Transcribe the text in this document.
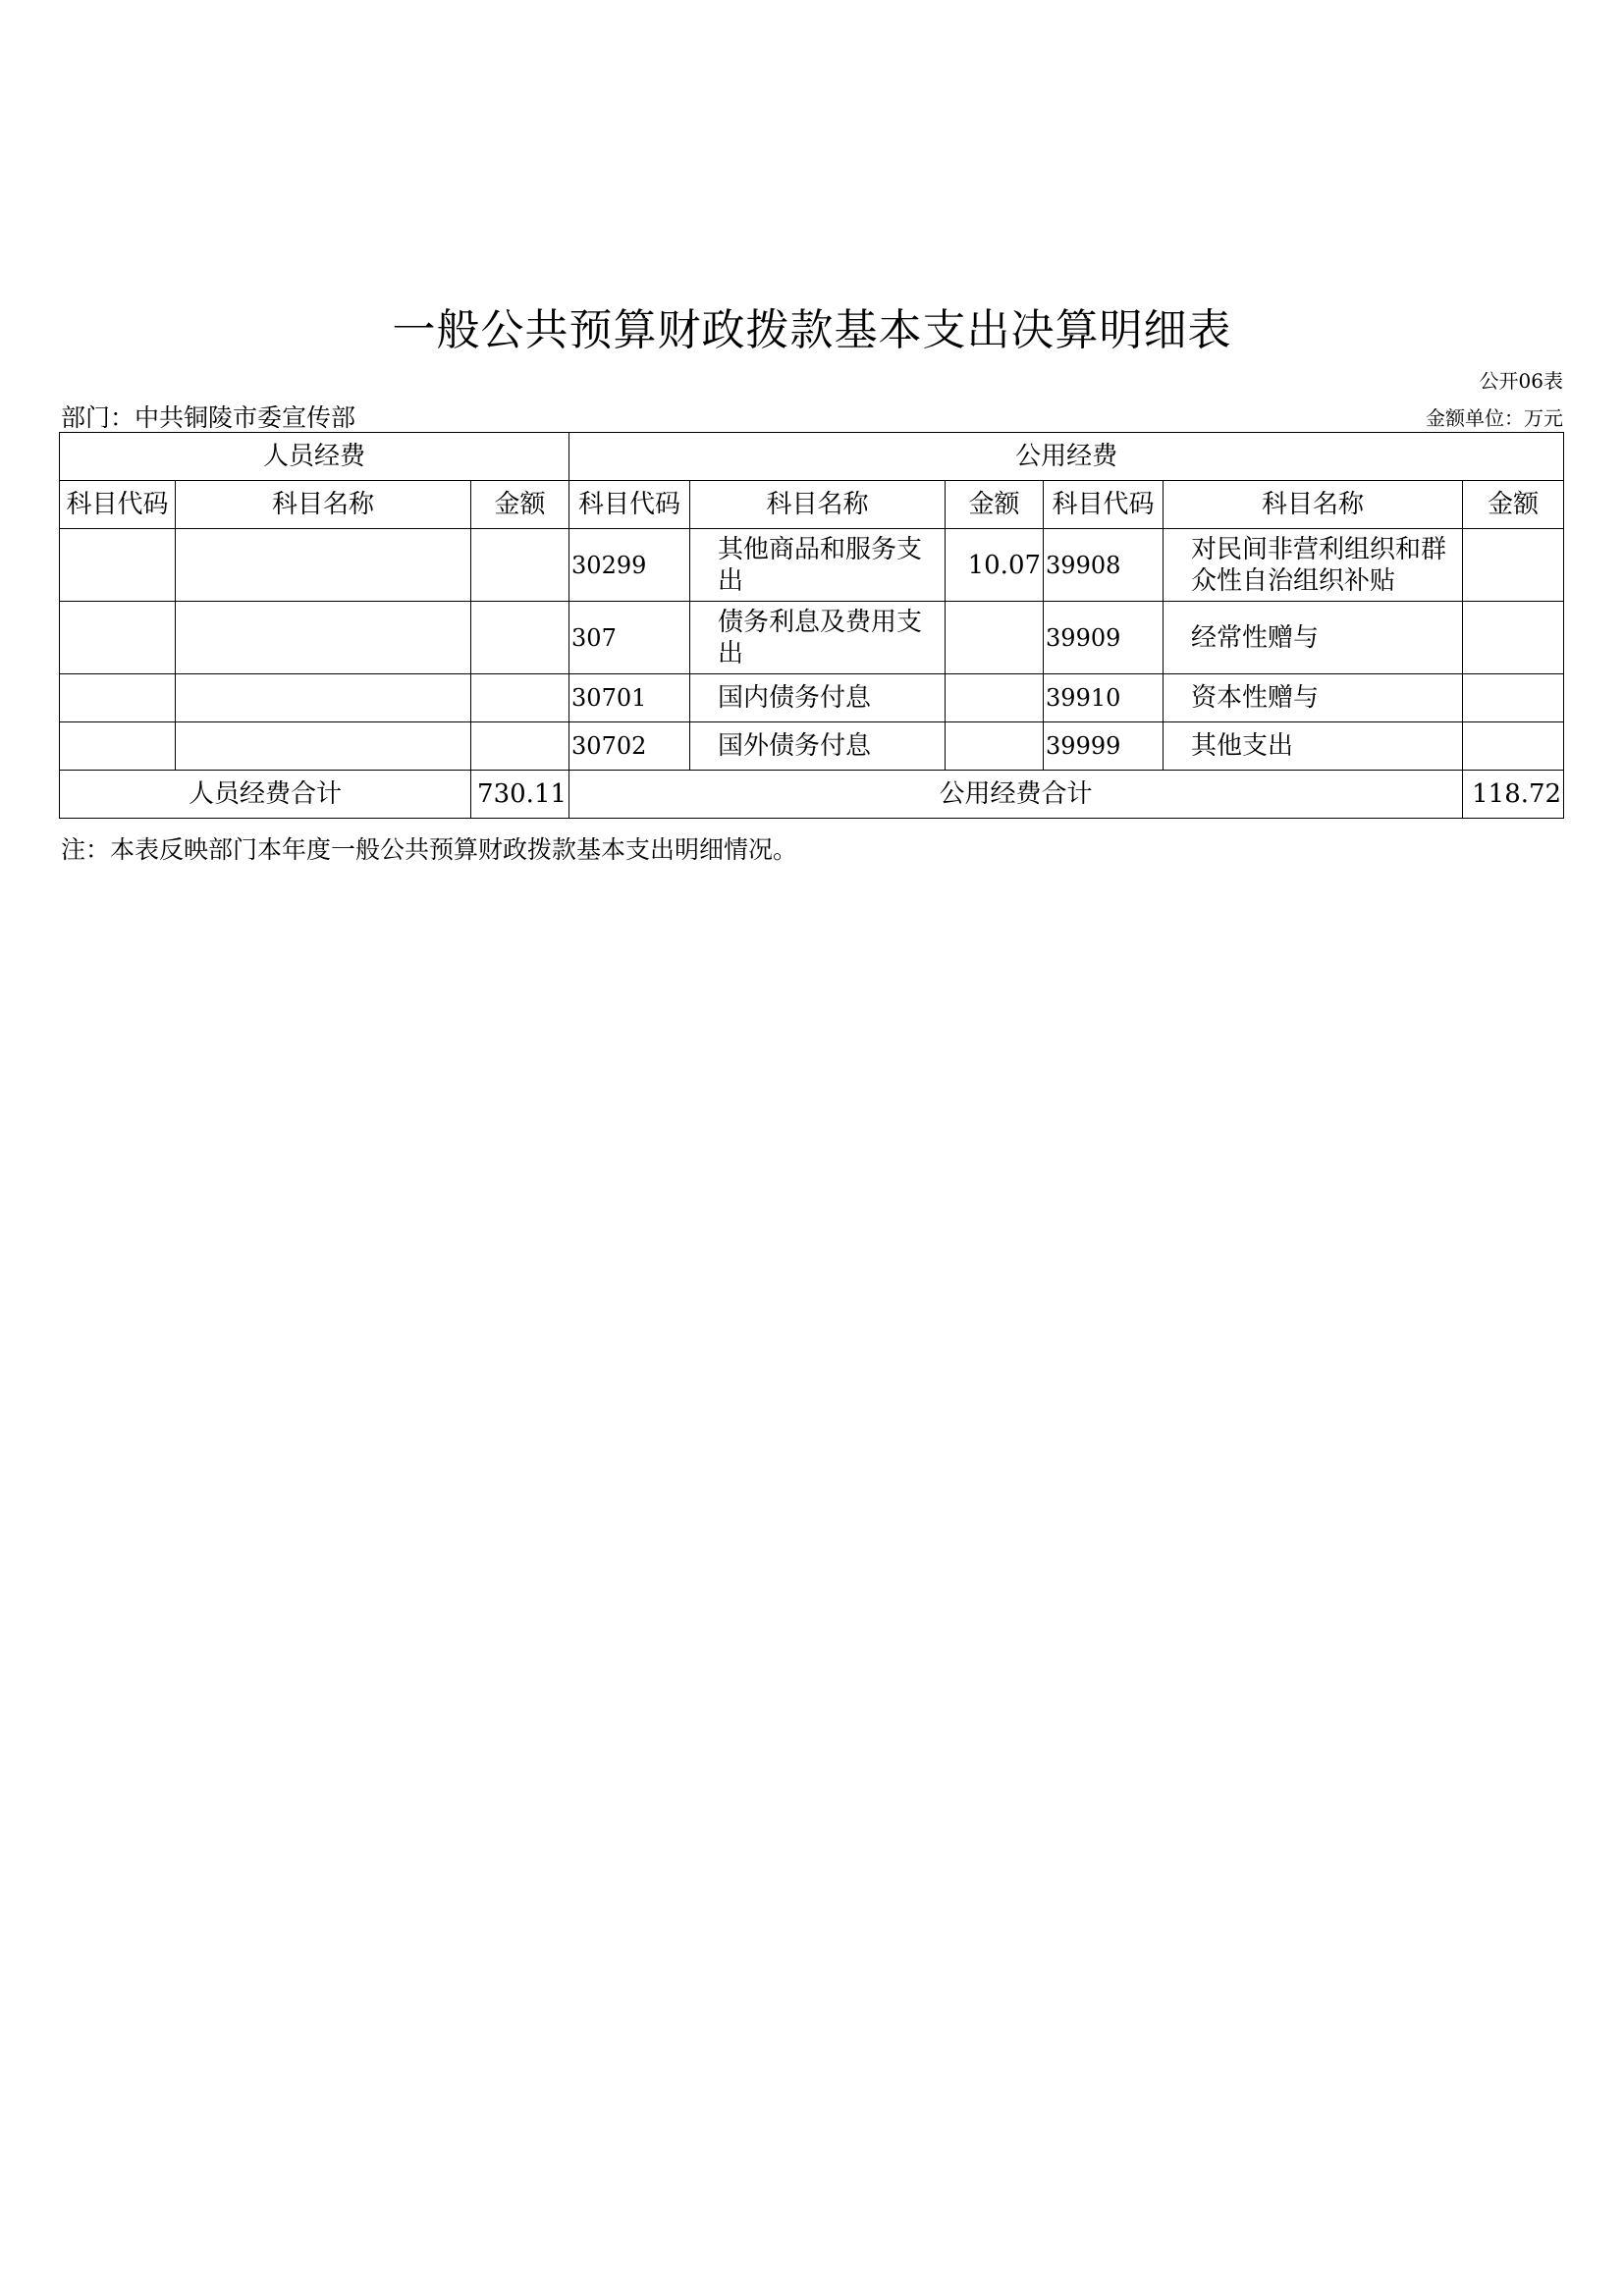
一般公共预算财政拨款基本支出决算明细表
公开06表
部门：中共铜陵市委宣传部	金额单位：万元
人员经费			公用经费					
科目代码	科目名称	金额	科目代码	科目名称	金额	科目代码	科目名称	金额
			30299	其他商品和服务支出	10.07	39908	对民间非营利组织和群众性自治组织补贴	
			307	债务利息及费用支出		39909	经常性赠与	
			30701	国内债务付息		39910	资本性赠与	
			30702	国外债务付息		39999	其他支出	
人员经费合计		730.11	公用经费合计					118.72
注：本表反映部门本年度一般公共预算财政拨款基本支出明细情况。
